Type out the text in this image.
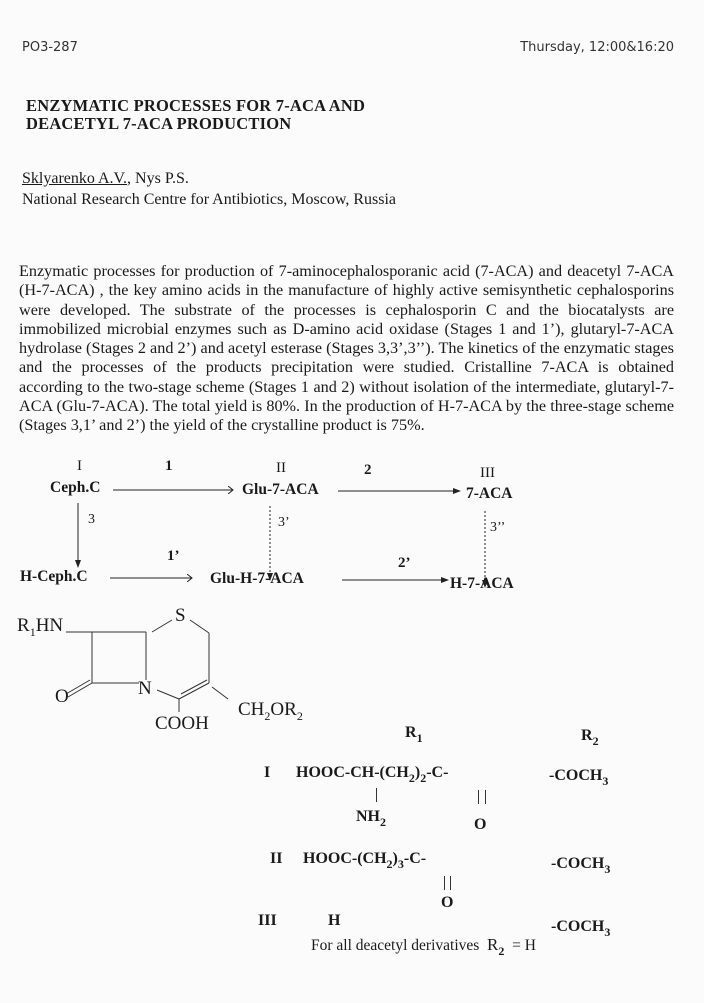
PO3-287	Thursday, 12:00&16:20
ENZYMATIC PROCESSES FOR 7-ACA AND
DEACETYL 7-ACA PRODUCTION
Sklyarenko A.V., Nys P.S.
National Research Centre for Antibiotics, Moscow, Russia

Enzymatic processes for production of 7-aminocephalosporanic acid (7-ACA) and deacetyl 7-ACA (H-7-ACA) , the key amino acids in the manufacture of highly active semisynthetic cephalosporins were developed. The substrate of the processes is cephalosporin C and the biocatalysts are immobilized microbial enzymes such as D-amino acid oxidase (Stages 1 and 1’), glutaryl-7-ACA hydrolase (Stages 2 and 2’) and acetyl esterase (Stages 3,3’,3’’). The kinetics of the enzymatic stages and the processes of the products precipitation were studied. Cristalline 7-ACA is obtained according to the two-stage scheme (Stages 1 and 2) without isolation of the intermediate, glutaryl-7-ACA (Glu-7-ACA). The total yield is 80%. In the production of H-7-ACA by the three-stage scheme (Stages 3,1’ and 2’) the yield of the crystalline product is 75%.

I	1	II	2	III
Ceph.C	Glu-7-ACA	7-ACA
3	3’	3’’
1’	2’
H-Ceph.C	Glu-H-7-ACA	H-7-ACA
$R_1HN$	S
N
O
COOH
$CH_2OR_2$
$R_1$	$R_2$
I HOOC-$CH-(CH_2)_2-C-$	$-COCH_3$
$NH_2$	O
II HOOC-$(CH_2)_3-C-$	$-COCH_3$
O
III	H	$-COCH_3$
For all deacetyl derivatives $R_2 = H$
